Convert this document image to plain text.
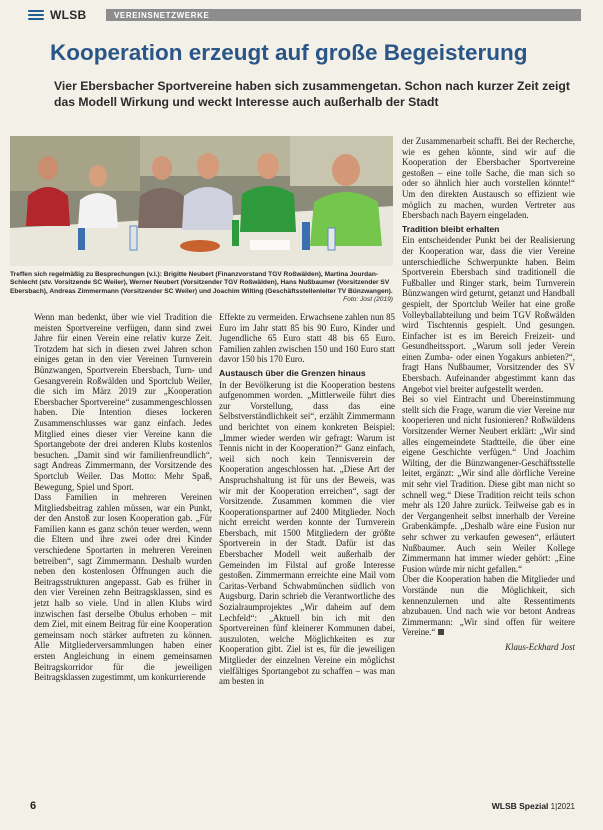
WLSB	VEREINSNETZWERKE
Kooperation erzeugt auf große Begeisterung

Vier Ebersbacher Sportvereine haben sich zusammengetan. Schon nach kurzer Zeit zeigt das Modell Wirkung und weckt Interesse auch außerhalb der Stadt

Treffen sich regelmäßig zu Besprechungen (v.l.): Brigitte Neubert (Finanzvorstand TGV Roßwälden), Martina Jourdan-Schlecht (stv. Vorsitzende SC Weiler), Werner Neubert (Vorsitzender TGV Roßwälden), Hans Nußbaumer (Vorsitzender SV Ebersbach), Andreas Zimmermann (Vorsitzender SC Weiler) und Joachim Wilting (Geschäftsstellenleiter TV Bünzwangen).
Foto: Jost (2019)

Wenn man bedenkt, über wie viel Tradition die meisten Sportvereine verfügen, dann sind zwei Jahre für einen Verein eine relativ kurze Zeit. Trotzdem hat sich in diesen zwei Jahren schon einiges getan in den vier Vereinen Turnverein Bünzwangen, Sportverein Ebersbach, Turn- und Gesangverein Roßwälden und Sportclub Weiler, die sich im März 2019 zur „Kooperation Ebersbacher Sportvereine“ zusammengeschlossen haben. Die Intention dieses lockeren Zusammenschlusses war ganz einfach. Jedes Mitglied eines dieser vier Vereine kann die Sportangebote der drei anderen Klubs kostenlos besuchen. „Damit sind wir familienfreundlich“, sagt Andreas Zimmermann, der Vorsitzende des Sportclub Weiler. Das Motto: Mehr Spaß, Bewegung, Spiel und Sport.

Dass Familien in mehreren Vereinen Mitgliedsbeitrag zahlen müssen, war ein Punkt, der den Anstoß zur losen Kooperation gab. „Für Familien kann es ganz schön teuer werden, wenn die Eltern und ihre zwei oder drei Kinder verschiedene Sportarten in mehreren Vereinen betreiben“, sagt Zimmermann. Deshalb wurden neben den kostenlosen Öffnungen auch die Beitragsstrukturen angepasst. Gab es früher in den vier Vereinen zehn Beitragsklassen, sind es jetzt halb so viele. Und in allen Klubs wird inzwischen fast derselbe Obulus erhoben – mit dem Ziel, mit einem Beitrag für eine Kooperation gemeinsam noch stärker auftreten zu können. Alle Mitgliederversammlungen haben einer ersten Angleichung in einem gemeinsamen Beitragskorridor für die jeweiligen Beitragsklassen zugestimmt, um konkurrierende

Effekte zu vermeiden. Erwachsene zahlen nun 85 Euro im Jahr statt 85 bis 90 Euro, Kinder und Jugendliche 65 Euro statt 48 bis 65 Euro. Familien zahlen zwischen 150 und 160 Euro statt davor 150 bis 170 Euro.

Austausch über die Grenzen hinaus

In der Bevölkerung ist die Kooperation bestens aufgenommen worden. „Mittlerweile führt dies zur Vorstellung, dass das eine Selbstverständlichkeit sei“, erzählt Zimmermann und berichtet von einem konkreten Beispiel: „Immer wieder werden wir gefragt: Warum ist Tennis nicht in der Kooperation?“ Ganz einfach, weil sich noch kein Tennisverein der Kooperation angeschlossen hat. „Diese Art der Anspruchshaltung ist für uns der Beweis, was wir mit der Kooperation erreichen“, sagt der Vorsitzende. Zusammen kommen die vier Kooperationspartner auf 2400 Mitglieder. Noch nicht erreicht werden konnte der Turnverein Ebersbach, mit 1500 Mitgliedern der größte Sportverein in der Stadt. Dafür ist das Ebersbacher Modell weit außerhalb der Gemeinden im Filstal auf große Interesse gestoßen. Zimmermann erreichte eine Mail vom Caritas-Verband Schwabmünchen südlich von Augsburg. Darin schrieb die Verantwortliche des Sozialraumprojektes „Wir daheim auf dem Lechfeld“: „Aktuell bin ich mit den Sportvereinen fünf kleinerer Kommunen dabei, auszuloten, welche Möglichkeiten es zur Kooperation gibt. Ziel ist es, für die jeweiligen Mitglieder der einzelnen Vereine ein möglichst vielfältiges Sportangebot zu schaffen – was man am besten in

der Zusammenarbeit schafft. Bei der Recherche, wie es gehen könnte, sind wir auf die Kooperation der Ebersbacher Sportvereine gestoßen – eine tolle Sache, die man sich so oder so ähnlich hier auch vorstellen könnte!“ Um den direkten Austausch so effizient wie möglich zu machen, wurden Vertreter aus Ebersbach nach Bayern eingeladen.

Tradition bleibt erhalten

Ein entscheidender Punkt bei der Realisierung der Kooperation war, dass die vier Vereine unterschiedliche Schwerpunkte haben. Beim Sportverein Ebersbach sind traditionell die Fußballer und Ringer stark, beim Turnverein Bünzwangen wird geturnt, getanzt und Handball gespielt, der Sportclub Weiler hat eine große Volleyballabteilung und beim TGV Roßwälden wird Tischtennis gespielt. Und gesungen. Einfacher ist es im Bereich Freizeit- und Gesundheitssport. „Warum soll jeder Verein einen Zumba- oder einen Yogakurs anbieten?“, fragt Hans Nußbaumer, Vorsitzender des SV Ebersbach. Aufeinander abgestimmt kann das Angebot viel breiter aufgestellt werden.

Bei so viel Eintracht und Übereinstimmung stellt sich die Frage, warum die vier Vereine nur kooperieren und nicht fusionieren? Roßwäldens Vorsitzender Werner Neubert erklärt: „Wir sind alles eingemeindete Stadtteile, die über eine eigene Geschichte verfügen.“ Und Joachim Wilting, der die Bünzwangener-Geschäftsstelle leitet, ergänzt: „Wir sind alle dörfliche Vereine mit sehr viel Tradition. Diese gibt man nicht so schnell weg.“ Diese Tradition reicht teils schon mehr als 120 Jahre zurück. Teilweise gab es in der Vergangenheit selbst innerhalb der Vereine Grabenkämpfe. „Deshalb wäre eine Fusion nur sehr schwer zu verkaufen gewesen“, erläutert Nußbaumer. Auch sein Weiler Kollege Zimmermann hat immer wieder gehört: „Eine Fusion würde mir nicht gefallen.“

Über die Kooperation haben die Mitglieder und Vorstände nun die Möglichkeit, sich kennenzulernen und alte Ressentiments abzubauen. Und nach wie vor betont Andreas Zimmermann: „Wir sind offen für weitere Vereine.“

Klaus-Eckhard Jost

6	WLSB Spezial 1|2021
